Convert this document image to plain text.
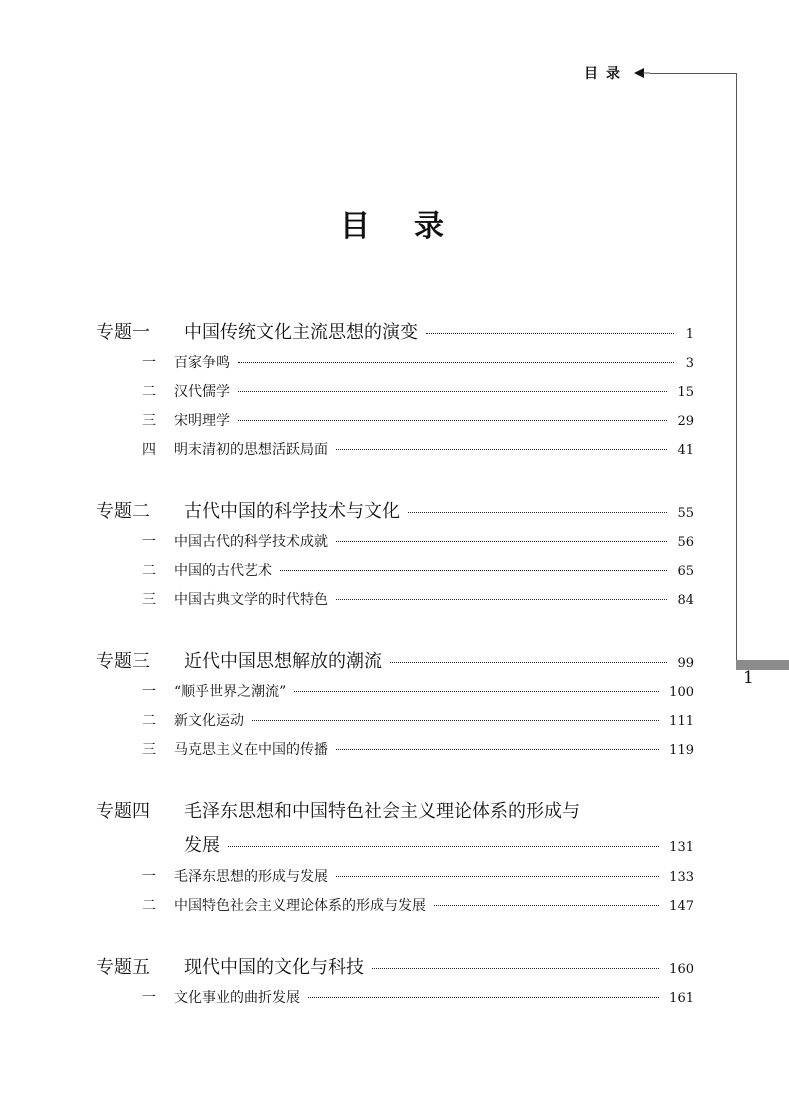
目录
1
目录
专题一	中国传统文化主流思想的演变	1
一	百家争鸣	3
二	汉代儒学	15
三	宋明理学	29
四	明末清初的思想活跃局面	41
专题二	古代中国的科学技术与文化	55
一	中国古代的科学技术成就	56
二	中国的古代艺术	65
三	中国古典文学的时代特色	84
专题三	近代中国思想解放的潮流	99
一	“顺乎世界之潮流”	100
二	新文化运动	111
三	马克思主义在中国的传播	119
专题四	毛泽东思想和中国特色社会主义理论体系的形成与
发展	131
一	毛泽东思想的形成与发展	133
二	中国特色社会主义理论体系的形成与发展	147
专题五	现代中国的文化与科技	160
一	文化事业的曲折发展	161
